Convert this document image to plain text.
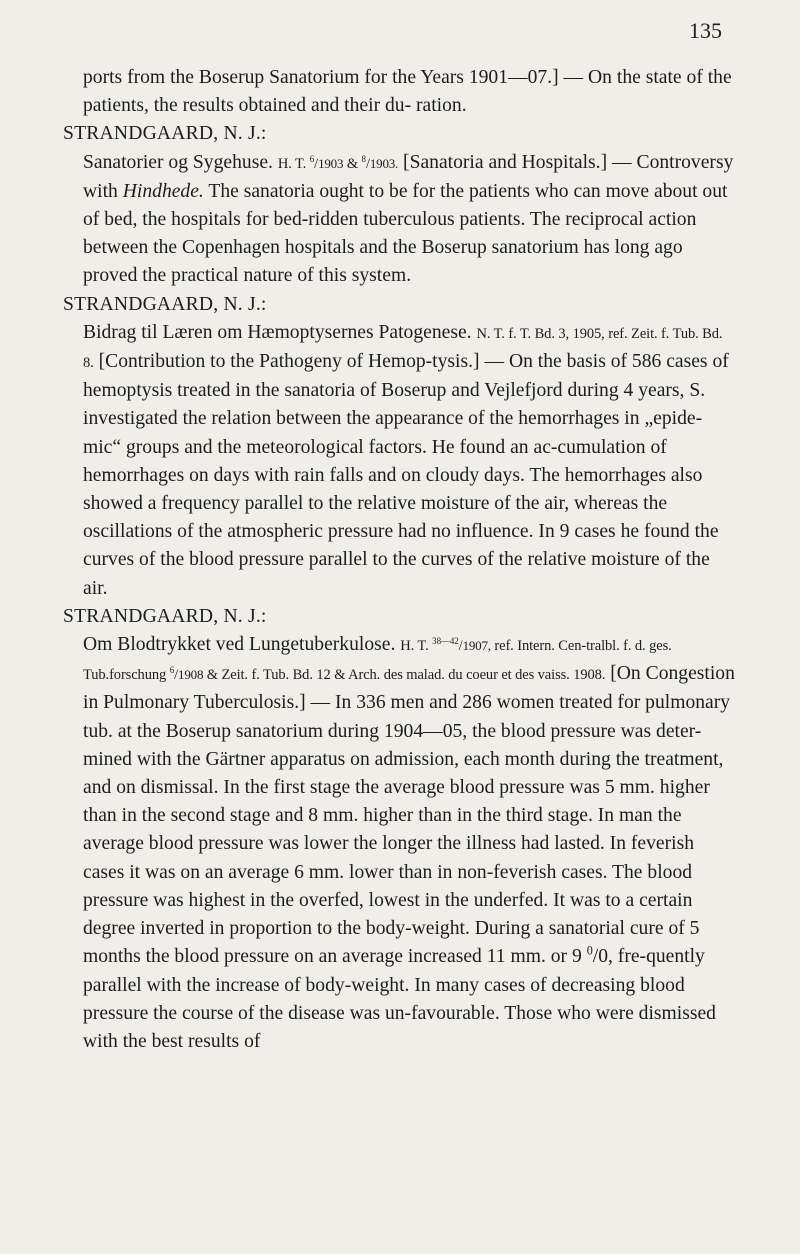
135

ports from the Boserup Sanatorium for the Years 1901—07.] — On the state of the patients, the results obtained and their du- ration.

STRANDGAARD, N. J.:

Sanatorier og Sygehuse. H. T. $^6$/1903 & $^8$/1903. [Sanatoria and Hospitals.] — Controversy with Hindhede. The sanatoria ought to be for the patients who can move about out of bed, the hospitals for bed-ridden tuberculous patients. The reciprocal action between the Copenhagen hospitals and the Boserup sanatorium has long ago proved the practical nature of this system.

STRANDGAARD, N. J.:

Bidrag til Læren om Hæmoptysernes Patogenese. N. T. f. T. Bd. 3, 1905, ref. Zeit. f. Tub. Bd. 8. [Contribution to the Pathogeny of Hemop-tysis.] — On the basis of 586 cases of hemoptysis treated in the sanatoria of Boserup and Vejlefjord during 4 years, S. investigated the relation between the appearance of the hemorrhages in „epide-mic“ groups and the meteorological factors. He found an ac-cumulation of hemorrhages on days with rain falls and on cloudy days. The hemorrhages also showed a frequency parallel to the relative moisture of the air, whereas the oscillations of the atmospheric pressure had no influence. In 9 cases he found the curves of the blood pressure parallel to the curves of the relative moisture of the air.

STRANDGAARD, N. J.:

Om Blodtrykket ved Lungetuberkulose. H. T. $^{38—42}$/1907, ref. Intern. Cen-tralbl. f. d. ges. Tub.forschung $^6$/1908 & Zeit. f. Tub. Bd. 12 & Arch. des malad. du coeur et des vaiss. 1908. [On Congestion in Pulmonary Tuberculosis.] — In 336 men and 286 women treated for pulmonary tub. at the Boserup sanatorium during 1904—05, the blood pressure was deter-mined with the Gärtner apparatus on admission, each month during the treatment, and on dismissal. In the first stage the average blood pressure was 5 mm. higher than in the second stage and 8 mm. higher than in the third stage. In man the average blood pressure was lower the longer the illness had lasted. In feverish cases it was on an average 6 mm. lower than in non-feverish cases. The blood pressure was highest in the overfed, lowest in the underfed. It was to a certain degree inverted in proportion to the body-weight. During a sanatorial cure of 5 months the blood pressure on an average increased 11 mm. or 9 $^0$/0, fre-quently parallel with the increase of body-weight. In many cases of decreasing blood pressure the course of the disease was un-favourable. Those who were dismissed with the best results of
